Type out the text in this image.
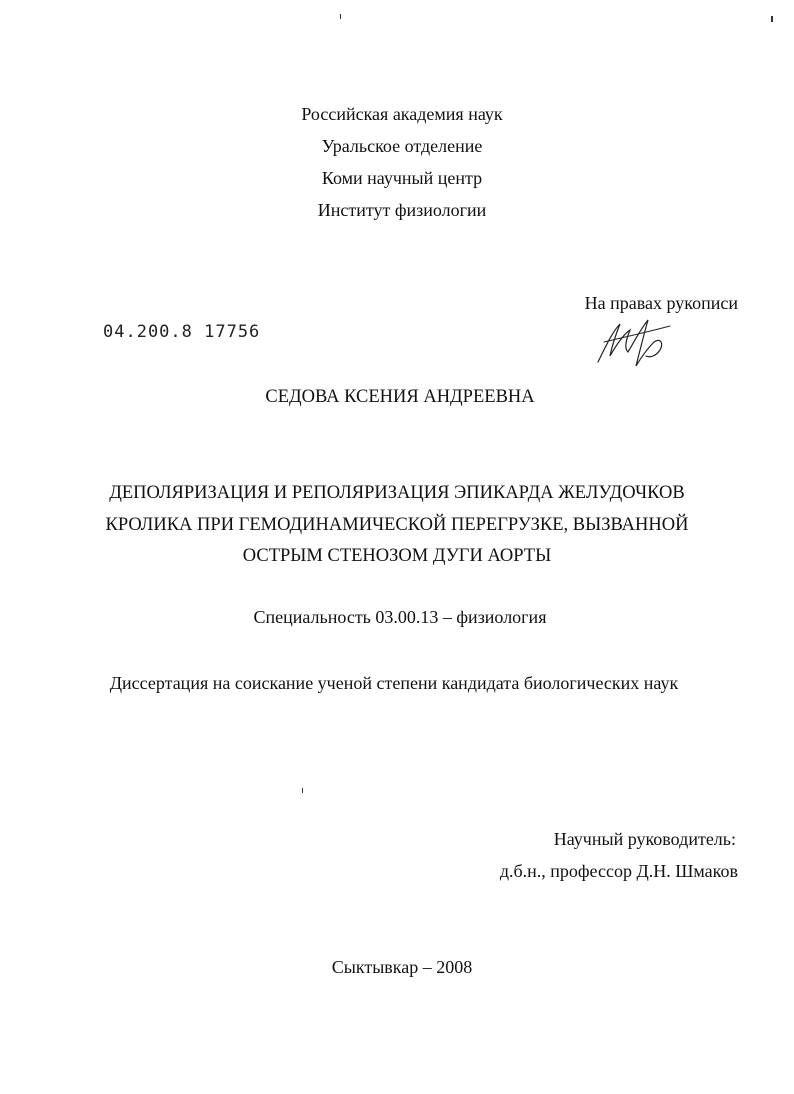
Российская академия наук
Уральское отделение
Коми научный центр
Институт физиологии
На правах рукописи
04.200.8 17756
СЕДОВА КСЕНИЯ АНДРЕЕВНА
ДЕПОЛЯРИЗАЦИЯ И РЕПОЛЯРИЗАЦИЯ ЭПИКАРДА ЖЕЛУДОЧКОВ
КРОЛИКА ПРИ ГЕМОДИНАМИЧЕСКОЙ ПЕРЕГРУЗКЕ, ВЫЗВАННОЙ
ОСТРЫМ СТЕНОЗОМ ДУГИ АОРТЫ
Специальность 03.00.13 – физиология
Диссертация на соискание ученой степени кандидата биологических наук
Научный руководитель:
д.б.н., профессор Д.Н. Шмаков
Сыктывкар – 2008
